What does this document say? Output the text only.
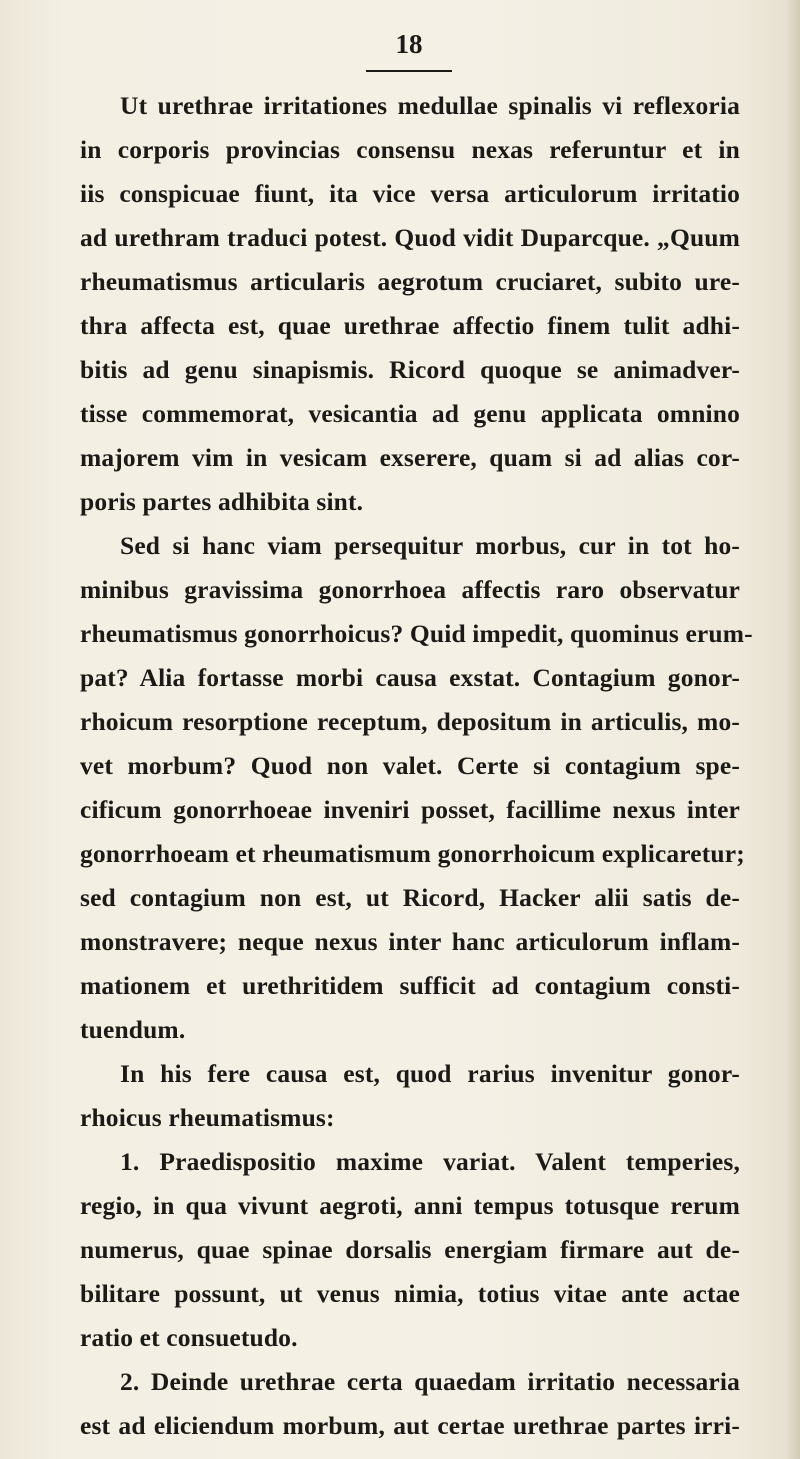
18
Ut urethrae irritationes medullae spinalis vi reflexoria
in corporis provincias consensu nexas referuntur et in
iis conspicuae fiunt, ita vice versa articulorum irritatio
ad urethram traduci potest. Quod vidit Duparcque. „Quum
rheumatismus articularis aegrotum cruciaret, subito ure-
thra affecta est, quae urethrae affectio finem tulit adhi-
bitis ad genu sinapismis. Ricord quoque se animadver-
tisse commemorat, vesicantia ad genu applicata omnino
majorem vim in vesicam exserere, quam si ad alias cor-
poris partes adhibita sint.
Sed si hanc viam persequitur morbus, cur in tot ho-
minibus gravissima gonorrhoea affectis raro observatur
rheumatismus gonorrhoicus? Quid impedit, quominus erum-
pat? Alia fortasse morbi causa exstat. Contagium gonor-
rhoicum resorptione receptum, depositum in articulis, mo-
vet morbum? Quod non valet. Certe si contagium spe-
cificum gonorrhoeae inveniri posset, facillime nexus inter
gonorrhoeam et rheumatismum gonorrhoicum explicaretur;
sed contagium non est, ut Ricord, Hacker alii satis de-
monstravere; neque nexus inter hanc articulorum inflam-
mationem et urethritidem sufficit ad contagium consti-
tuendum.
In his fere causa est, quod rarius invenitur gonor-
rhoicus rheumatismus:
1. Praedispositio maxime variat. Valent temperies,
regio, in qua vivunt aegroti, anni tempus totusque rerum
numerus, quae spinae dorsalis energiam firmare aut de-
bilitare possunt, ut venus nimia, totius vitae ante actae
ratio et consuetudo.
2. Deinde urethrae certa quaedam irritatio necessaria
est ad eliciendum morbum, aut certae urethrae partes irri-
